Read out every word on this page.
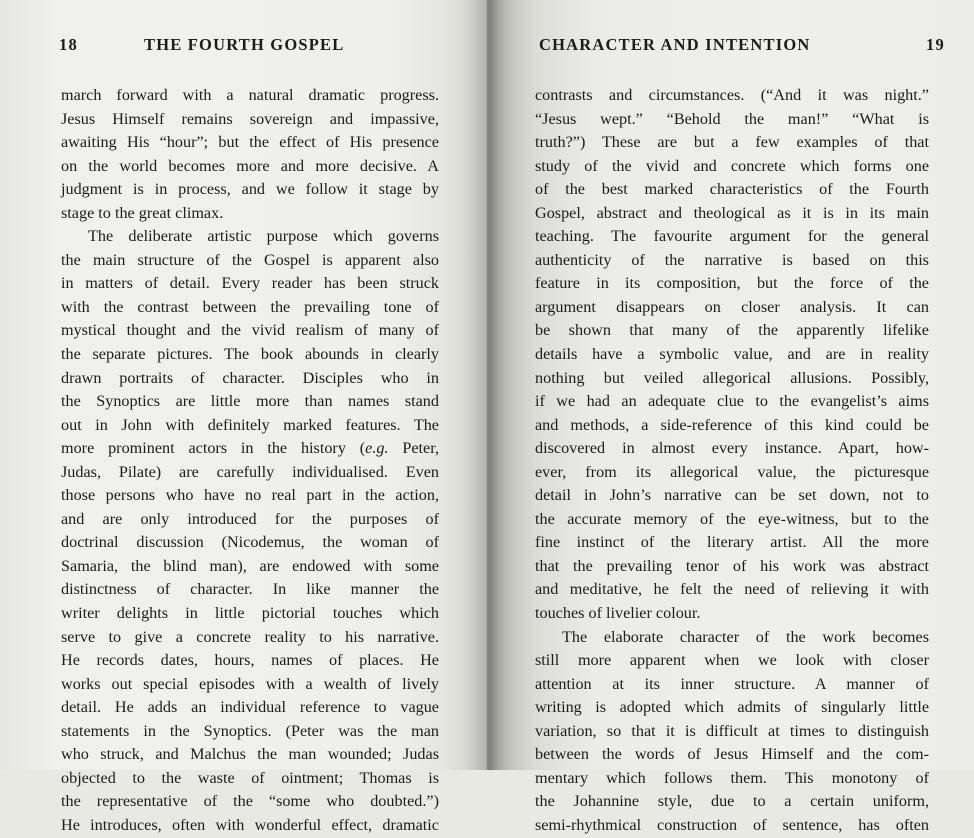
18	THE FOURTH GOSPEL
march forward with a natural dramatic progress.
Jesus Himself remains sovereign and impassive,
awaiting His “hour”; but the effect of His presence
on the world becomes more and more decisive. A
judgment is in process, and we follow it stage by
stage to the great climax.
The deliberate artistic purpose which governs
the main structure of the Gospel is apparent also
in matters of detail. Every reader has been struck
with the contrast between the prevailing tone of
mystical thought and the vivid realism of many of
the separate pictures. The book abounds in clearly
drawn portraits of character. Disciples who in
the Synoptics are little more than names stand
out in John with definitely marked features. The
more prominent actors in the history (e.g. Peter,
Judas, Pilate) are carefully individualised. Even
those persons who have no real part in the action,
and are only introduced for the purposes of
doctrinal discussion (Nicodemus, the woman of
Samaria, the blind man), are endowed with some
distinctness of character. In like manner the
writer delights in little pictorial touches which
serve to give a concrete reality to his narrative.
He records dates, hours, names of places. He
works out special episodes with a wealth of lively
detail. He adds an individual reference to vague
statements in the Synoptics. (Peter was the man
who struck, and Malchus the man wounded; Judas
objected to the waste of ointment; Thomas is
the representative of the “some who doubted.”)
He introduces, often with wonderful effect, dramatic
CHARACTER AND INTENTION	19
contrasts and circumstances. (“And it was night.”
“Jesus wept.” “Behold the man!” “What is
truth?”) These are but a few examples of that
study of the vivid and concrete which forms one
of the best marked characteristics of the Fourth
Gospel, abstract and theological as it is in its main
teaching. The favourite argument for the general
authenticity of the narrative is based on this
feature in its composition, but the force of the
argument disappears on closer analysis. It can
be shown that many of the apparently lifelike
details have a symbolic value, and are in reality
nothing but veiled allegorical allusions. Possibly,
if we had an adequate clue to the evangelist’s aims
and methods, a side-reference of this kind could be
discovered in almost every instance. Apart, how-
ever, from its allegorical value, the picturesque
detail in John’s narrative can be set down, not to
the accurate memory of the eye-witness, but to the
fine instinct of the literary artist. All the more
that the prevailing tenor of his work was abstract
and meditative, he felt the need of relieving it with
touches of livelier colour.
The elaborate character of the work becomes
still more apparent when we look with closer
attention at its inner structure. A manner of
writing is adopted which admits of singularly little
variation, so that it is difficult at times to distinguish
between the words of Jesus Himself and the com-
mentary which follows them. This monotony of
the Johannine style, due to a certain uniform,
semi-rhythmical construction of sentence, has often
